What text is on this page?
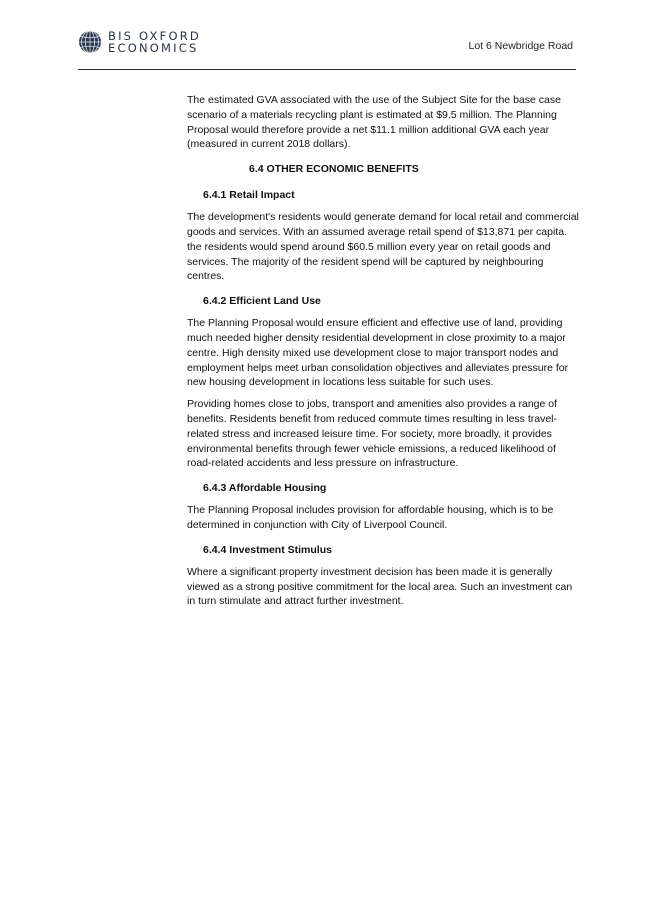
BIS OXFORD
ECONOMICS	Lot 6 Newbridge Road

The estimated GVA associated with the use of the Subject Site for the base case scenario of a materials recycling plant is estimated at $9.5 million. The Planning Proposal would therefore provide a net $11.1 million additional GVA each year (measured in current 2018 dollars).

6.4 OTHER ECONOMIC BENEFITS
6.4.1 Retail Impact

The development's residents would generate demand for local retail and commercial goods and services. With an assumed average retail spend of $13,871 per capita. the residents would spend around $60.5 million every year on retail goods and services. The majority of the resident spend will be captured by neighbouring centres.

6.4.2 Efficient Land Use

The Planning Proposal would ensure efficient and effective use of land, providing much needed higher density residential development in close proximity to a major centre. High density mixed use development close to major transport nodes and employment helps meet urban consolidation objectives and alleviates pressure for new housing development in locations less suitable for such uses.

Providing homes close to jobs, transport and amenities also provides a range of benefits. Residents benefit from reduced commute times resulting in less travel-related stress and increased leisure time. For society, more broadly, it provides environmental benefits through fewer vehicle emissions, a reduced likelihood of road-related accidents and less pressure on infrastructure.

6.4.3 Affordable Housing

The Planning Proposal includes provision for affordable housing, which is to be determined in conjunction with City of Liverpool Council.

6.4.4 Investment Stimulus

Where a significant property investment decision has been made it is generally viewed as a strong positive commitment for the local area. Such an investment can in turn stimulate and attract further investment.
